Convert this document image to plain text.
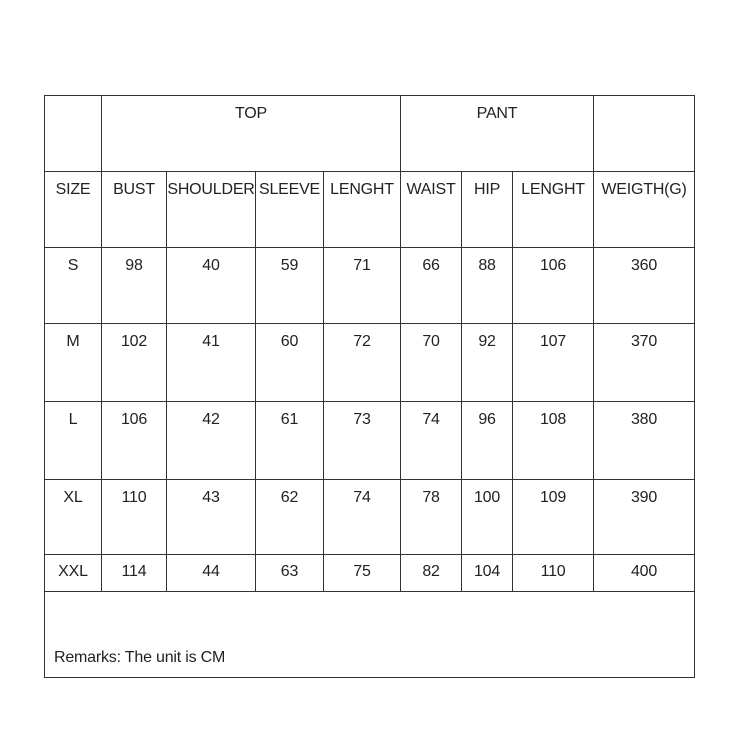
	TOP				PANT			
SIZE	BUST	SHOULDER	SLEEVE	LENGHT	WAIST	HIP	LENGHT	WEIGTH(G)
S	98	40	59	71	66	88	106	360
M	102	41	60	72	70	92	107	370
L	106	42	61	73	74	96	108	380
XL	110	43	62	74	78	100	109	390
XXL	114	44	63	75	82	104	110	400
Remarks: The unit is CM								
